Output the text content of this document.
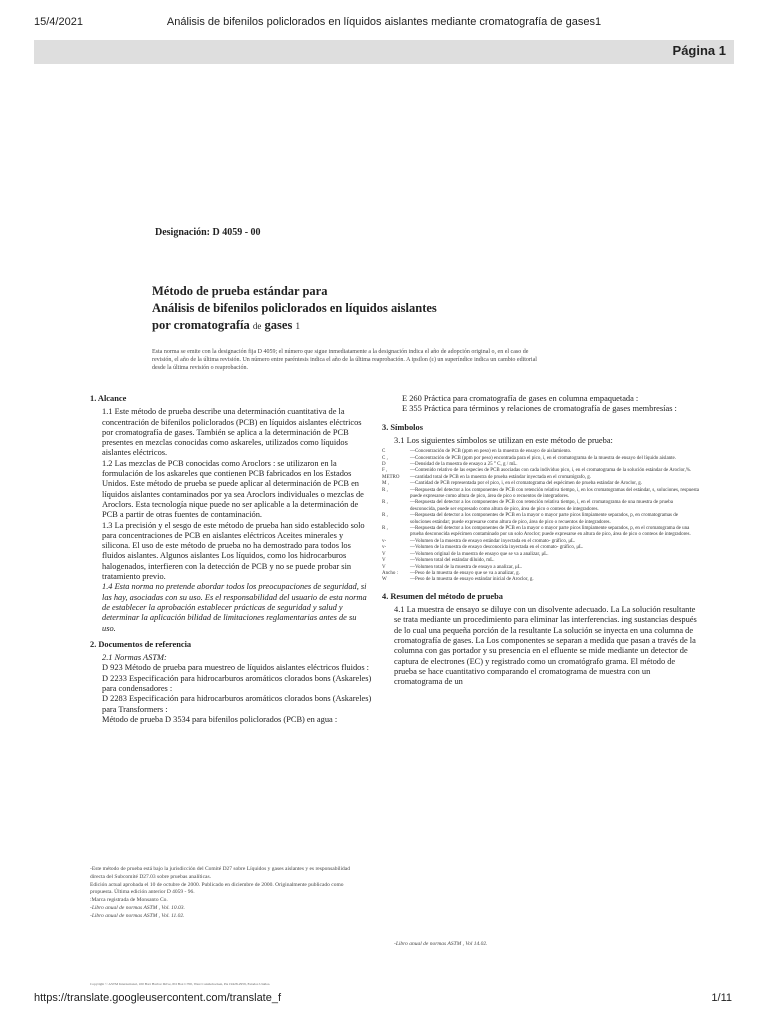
15/4/2021	Análisis de bifenilos policlorados en líquidos aislantes mediante cromatografía de gases1
Página 1
Designación: D 4059 - 00
Método de prueba estándar para
Análisis de bifenilos policlorados en líquidos aislantes
por cromatografía de gases 1
Esta norma se emite con la designación fija D 4059; el número que sigue inmediatamente a la designación indica el año de adopción original o, en el caso de revisión, el año de la última revisión. Un número entre paréntesis indica el año de la última reaprobación. A ipsilon (ε) un superíndice indica un cambio editorial desde la última revisión o reaprobación.
1. Alcance

1.1 Este método de prueba describe una determinación cuantitativa de la concentración de bifenilos policlorados (PCB) en líquidos aislantes eléctricos por cromatografía de gases. También se aplica a la determinación de PCB presentes en mezclas conocidas como askareles, utilizados como líquidos aislantes eléctricos.

1.2 Las mezclas de PCB conocidas como Aroclors : se utilizaron en la formulación de los askareles que contienen PCB fabricados en los Estados Unidos. Este método de prueba se puede aplicar al determinación de PCB en líquidos aislantes contaminados por ya sea Aroclors individuales o mezclas de Aroclors. Esta tecnología nique puede no ser aplicable a la determinación de PCB a partir de otras fuentes de contaminación.

1.3 La precisión y el sesgo de este método de prueba han sido establecido solo para concentraciones de PCB en aislantes eléctricos Aceites minerales y silicona. El uso de este método de prueba no ha demostrado para todos los fluidos aislantes. Algunos aislantes Los líquidos, como los hidrocarburos halogenados, interfieren con la detección de PCB y no se puede probar sin tratamiento previo.

1.4 Esta norma no pretende abordar todos los preocupaciones de seguridad, si las hay, asociadas con su uso. Es el responsabilidad del usuario de esta norma de establecer la aprobación establecer prácticas de seguridad y salud y determinar la aplicación bilidad de limitaciones reglamentarias antes de su uso.

2. Documentos de referencia

2.1 Normas ASTM:

D 923 Método de prueba para muestreo de líquidos aislantes eléctricos fluidos :

D 2233 Especificación para hidrocarburos aromáticos clorados bons (Askareles) para condensadores :

D 2283 Especificación para hidrocarburos aromáticos clorados bons (Askareles) para Transformers :

Método de prueba D 3534 para bifenilos policlorados (PCB) en agua :

-Este método de prueba está bajo la jurisdicción del Comité D27 sobre Líquidos y gases aislantes y es responsabilidad directa del Subcomité D27.03 sobre pruebas analíticas.
Edición actual aprobada el 10 de octubre de 2000. Publicado en diciembre de 2000. Originalmente publicado como propuesta. Última edición anterior D 4059 - 96.
:Marca registrada de Monsanto Co.
-Libro anual de normas ASTM , Vol. 10.03.
-Libro anual de normas ASTM , Vol. 11.02.

E 260 Práctica para cromatografía de gases en columna empaquetada :

E 355 Práctica para términos y relaciones de cromatografía de gases membresías :

3. Símbolos

3.1 Los siguientes símbolos se utilizan en este método de prueba:

C	—Concentración de PCB (ppm en peso) en la muestra de ensayo de aislamiento.
C ,	—Concentración de PCB (ppm por peso) encontrada para el pico, i, en el cromatograma de la muestra de ensayo del líquido aislante.
D	—Densidad de la muestra de ensayo a 25 ° C, g / mL.
F ,	—Contenido relativo de las especies de PCB asociadas con cada individuo pico, i, en el cromatograma de la solución estándar de Aroclor,%.
METRO	—cantidad total de PCB en la muestra de prueba estándar inyectada en el cromatógrafo, g.
M ,	—Cantidad de PCB representada por el pico, i, en el cromatograma del espécimen de prueba estándar de Aroclor, g.
R ,	—Respuesta del detector a los componentes de PCB con retención relativa tiempo, i, en los cromatogramas del estándar, s, soluciones, respuesta puede expresarse como altura de pico, área de pico o recuentos de integradores.
R ,	—Respuesta del detector a los componentes de PCB con retención relativa tiempo, i, en el cromatograma de una muestra de prueba desconocida, puede ser expresado como altura de pico, área de pico o conteos de integradores.
R ,	—Respuesta del detector a los componentes de PCB en la mayor o mayor parte picos limpiamente separados, p, en cromatogramas de soluciones estándar; puede expresarse como altura de pico, área de pico o recuentos de integradores.
R ,	—Respuesta del detector a los componentes de PCB en la mayor o mayor parte picos limpiamente separados, p, en el cromatograma de una prueba desconocida espécimen contaminado por un solo Aroclor; puede expresarse en altura de pico, área de pico o conteos de integradores.
v-	—Volumen de la muestra de ensayo estándar inyectada en el cromato- gráfico, μL.
v-	—Volumen de la muestra de ensayo desconocida inyectada en el cromato- gráfico, μL.
V	—Volumen original de la muestra de ensayo que se va a analizar, μL.
V	—Volumen total del estándar diluido, mL.
V	—Volumen total de la muestra de ensayo a analizar, μL.
Ancho :	—Peso de la muestra de ensayo que se va a analizar, g.
W	—Peso de la muestra de ensayo estándar inicial de Aroclor, g.
4. Resumen del método de prueba

4.1 La muestra de ensayo se diluye con un disolvente adecuado. La La solución resultante se trata mediante un procedimiento para eliminar las interferencias. ing sustancias después de lo cual una pequeña porción de la resultante La solución se inyecta en una columna de cromatografía de gases. La Los componentes se separan a medida que pasan a través de la columna con gas portador y su presencia en el efluente se mide mediante un detector de captura de electrones (EC) y registrado como un cromatógrafo grama. El método de prueba se hace cuantitativo comparando el cromatograma de muestra con un cromatograma de un

-Libro anual de normas ASTM , Vol 14.02.
Copyright © ASTM International, 100 Barr Harbor Drive, PO Box C700, West Conshohocken, PA 19428-2959, Estados Unidos.
https://translate.googleusercontent.com/translate_f	1/11
